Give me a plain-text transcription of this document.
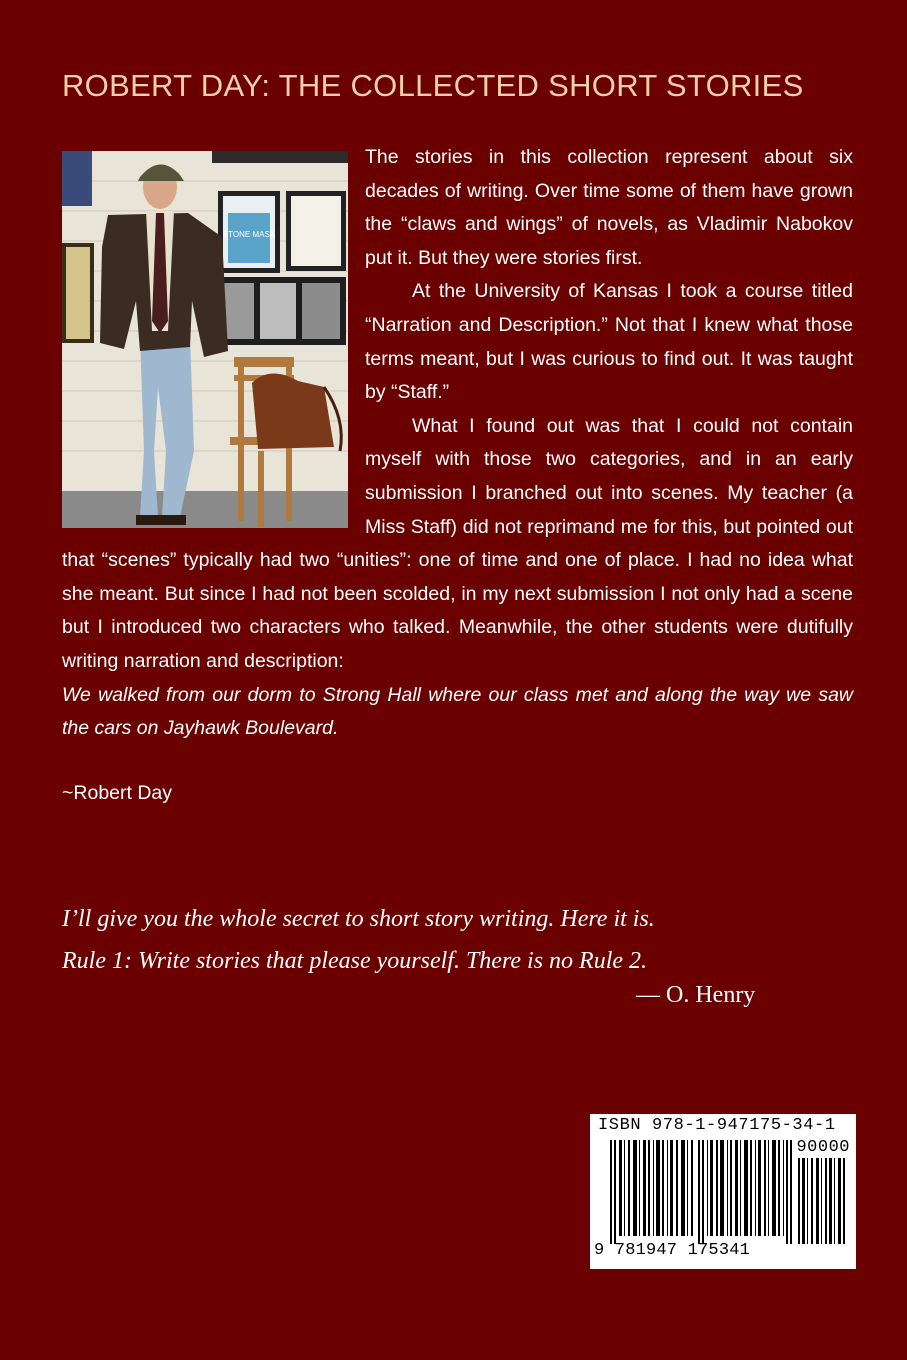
ROBERT DAY: THE COLLECTED SHORT STORIES
STONE MASK

The stories in this collection represent about six decades of writing. Over time some of them have grown the “claws and wings” of novels, as Vladimir Nabokov put it. But they were stories first.

At the University of Kansas I took a course titled “Narration and Description.” Not that I knew what those terms meant, but I was curious to find out. It was taught by “Staff.”

What I found out was that I could not contain myself with those two categories, and in an early submission I branched out into scenes. My teacher (a Miss Staff) did not reprimand me for this, but pointed out that “scenes” typically had two “unities”: one of time and one of place. I had no idea what she meant. But since I had not been scolded, in my next submission I not only had a scene but I introduced two characters who talked. Meanwhile, the other students were dutifully writing narration and description:

We walked from our dorm to Strong Hall where our class met and along the way we saw the cars on Jayhawk Boulevard.

~Robert Day

I’ll give you the whole secret to short story writing. Here it is.
Rule 1: Write stories that please yourself. There is no Rule 2.

— O. Henry

ISBN 978-1-947175-34-1
90000
9 781947 175341
